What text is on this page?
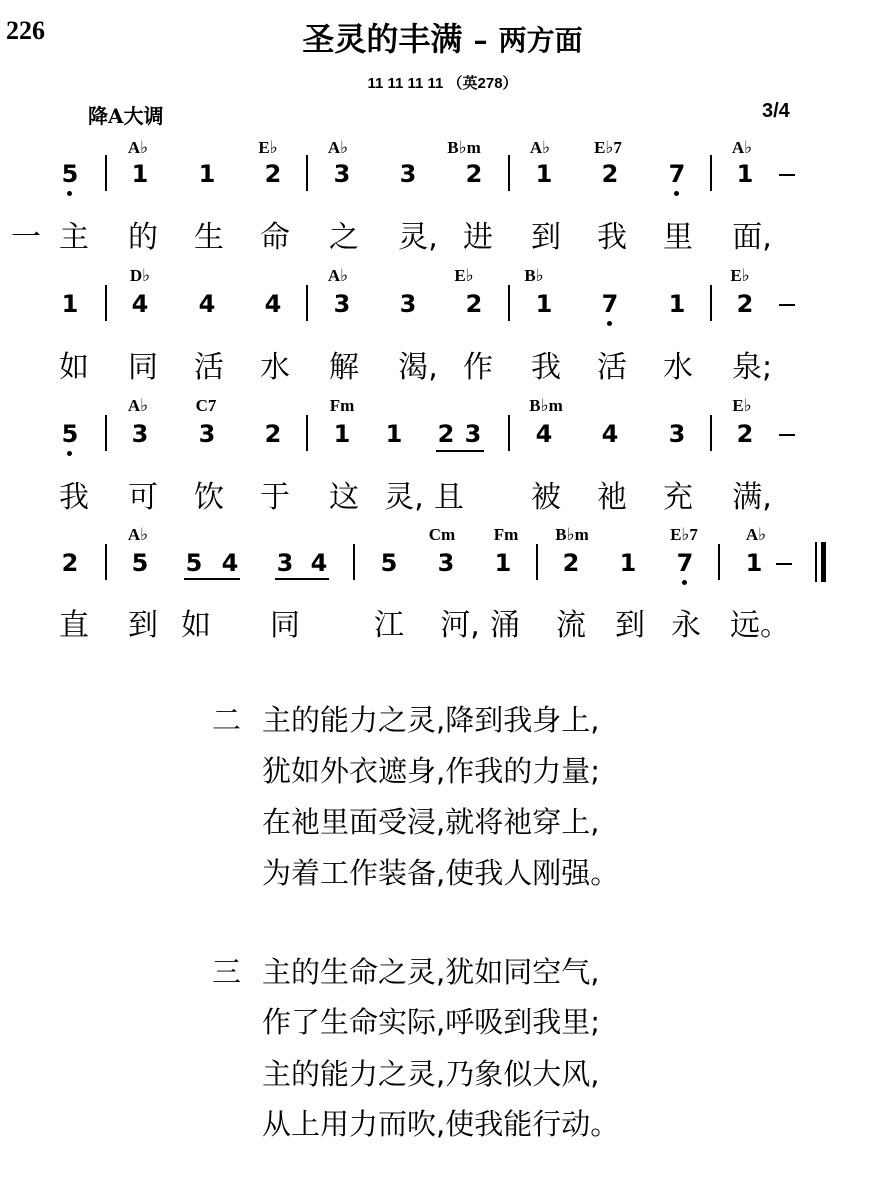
226	圣灵的丰满 – 两方面
11 11 11 11 （英278）
降A大调	3/4
A♭	E♭	A♭	B♭m	A♭	E♭7	A♭
5 1 1 2 3 3 2 1 2 7 1
一 主 的 生 命 之 灵, 进 到 我 里 面,
D♭	A♭	E♭	B♭	E♭
1 4 4 4 3 3 2 1 7 1 2
如 同 活 水 解 渴, 作 我 活 水 泉;
A♭	C7	Fm	B♭m	E♭
5 3 3 2 1 1 2 3 4 4 3 2
我 可 饮 于 这 灵, 且 被 祂 充 满,
A♭	Cm Fm B♭m	E♭7	A♭
2 5 5 4 3 4 5 3 1 2 1 7 1
直 到 如 同 江 河, 涌 流 到 永 远。
二 主的能力之灵,降到我身上,
犹如外衣遮身,作我的力量;
在祂里面受浸,就将祂穿上,
为着工作装备,使我人刚强。
三 主的生命之灵,犹如同空气,
作了生命实际,呼吸到我里;
主的能力之灵,乃象似大风,
从上用力而吹,使我能行动。
